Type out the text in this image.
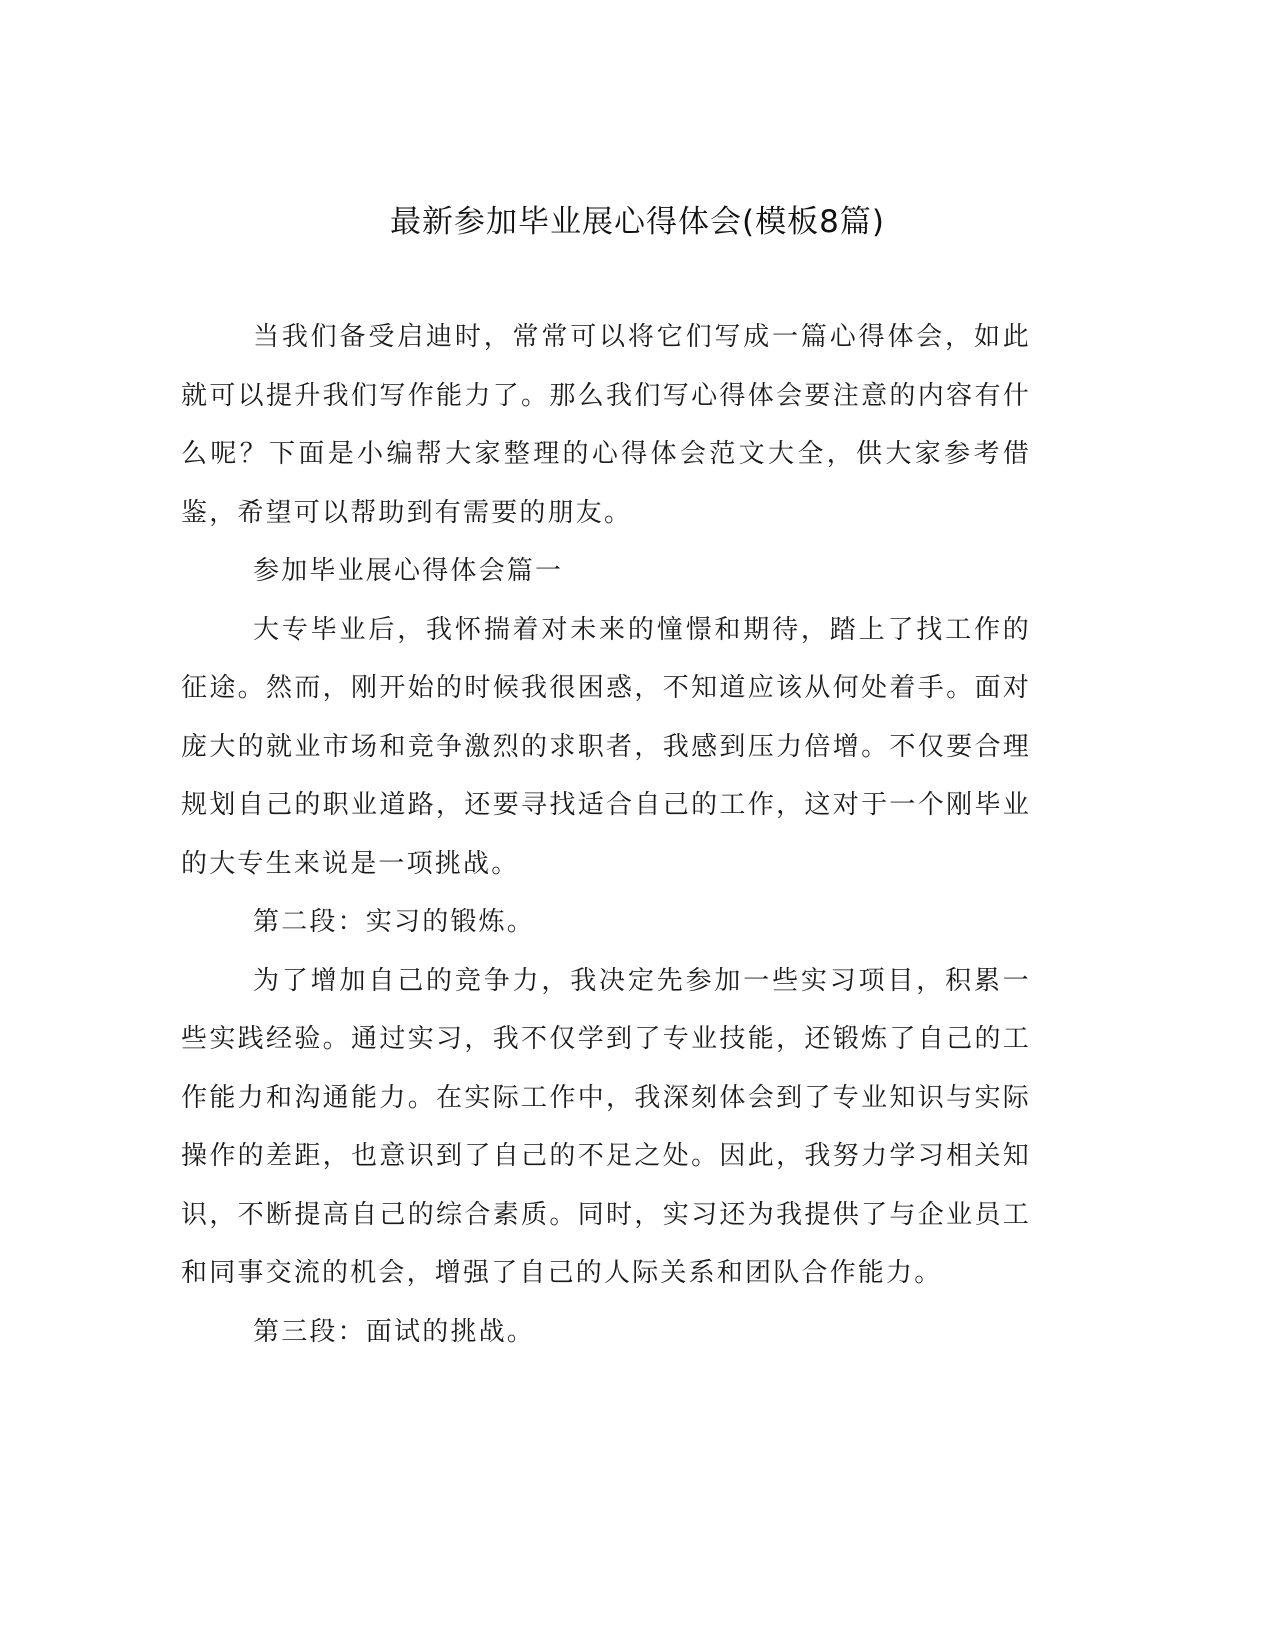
最新参加毕业展心得体会(模板8篇)

当我们备受启迪时，常常可以将它们写成一篇心得体会，如此就可以提升我们写作能力了。那么我们写心得体会要注意的内容有什么呢？下面是小编帮大家整理的心得体会范文大全，供大家参考借鉴，希望可以帮助到有需要的朋友。

参加毕业展心得体会篇一

大专毕业后，我怀揣着对未来的憧憬和期待，踏上了找工作的征途。然而，刚开始的时候我很困惑，不知道应该从何处着手。面对庞大的就业市场和竞争激烈的求职者，我感到压力倍增。不仅要合理规划自己的职业道路，还要寻找适合自己的工作，这对于一个刚毕业的大专生来说是一项挑战。

第二段：实习的锻炼。

为了增加自己的竞争力，我决定先参加一些实习项目，积累一些实践经验。通过实习，我不仅学到了专业技能，还锻炼了自己的工作能力和沟通能力。在实际工作中，我深刻体会到了专业知识与实际操作的差距，也意识到了自己的不足之处。因此，我努力学习相关知识，不断提高自己的综合素质。同时，实习还为我提供了与企业员工和同事交流的机会，增强了自己的人际关系和团队合作能力。

第三段：面试的挑战。
